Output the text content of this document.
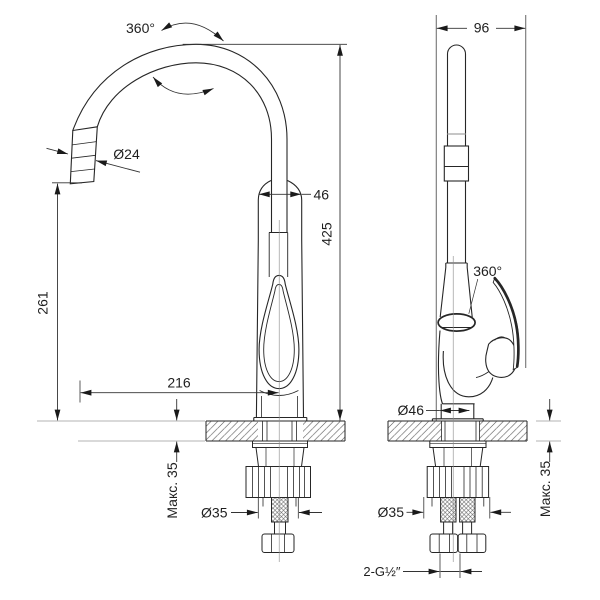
360°
Ø24
261
216
46
425
Макс. 35 Ø35
96
360°
Ø46
Макс. 35
Ø35
2-G½″
